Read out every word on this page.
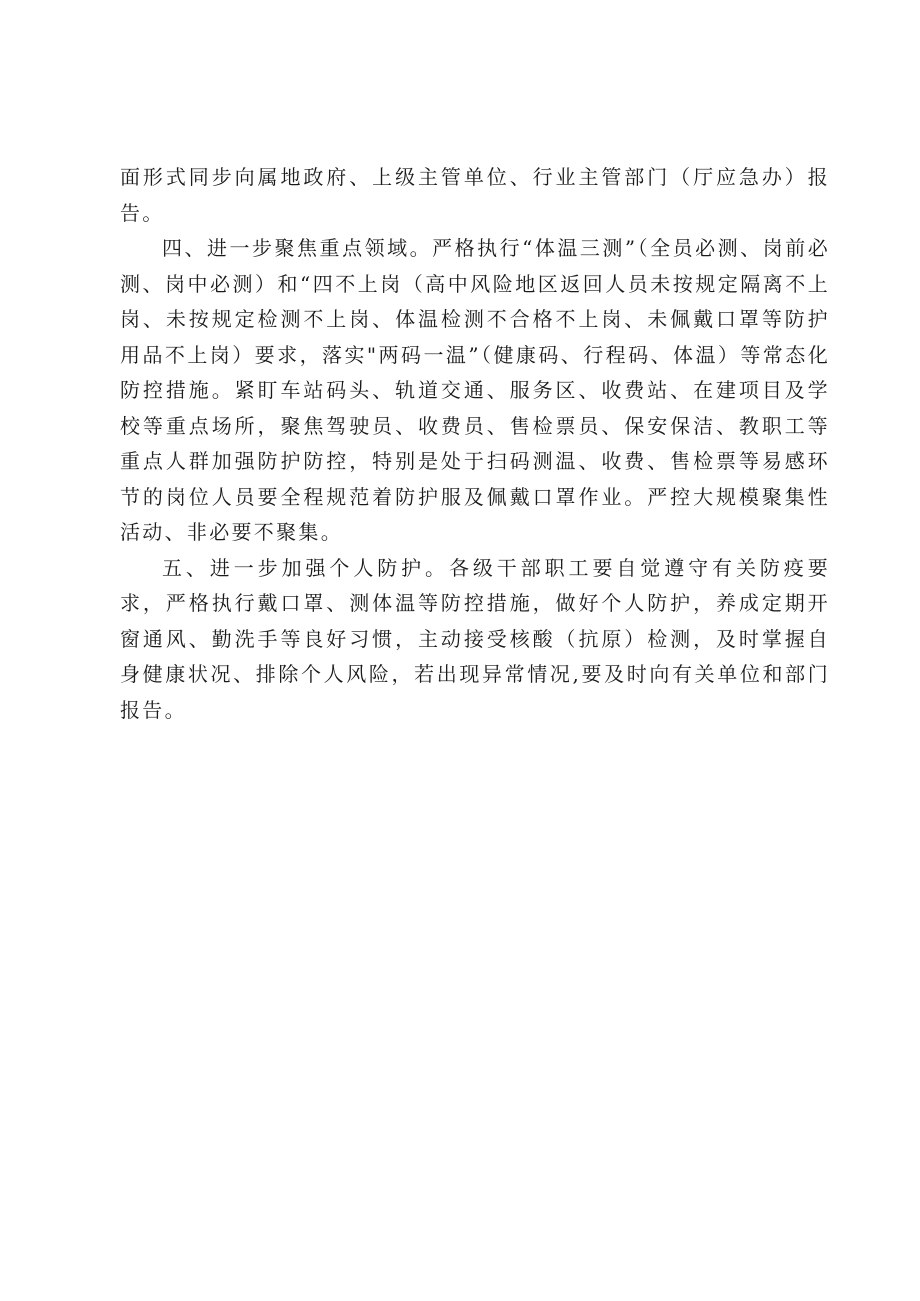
面形式同步向属地政府、上级主管单位、行业主管部门（厅应急办）报告。

四、进一步聚焦重点领域。严格执行“体温三测”（全员必测、岗前必测、岗中必测）和“四不上岗（高中风险地区返回人员未按规定隔离不上岗、未按规定检测不上岗、体温检测不合格不上岗、未佩戴口罩等防护用品不上岗）要求，落实"两码一温”（健康码、行程码、体温）等常态化防控措施。紧盯车站码头、轨道交通、服务区、收费站、在建项目及学校等重点场所，聚焦驾驶员、收费员、售检票员、保安保洁、教职工等重点人群加强防护防控，特别是处于扫码测温、收费、售检票等易感环节的岗位人员要全程规范着防护服及佩戴口罩作业。严控大规模聚集性活动、非必要不聚集。

五、进一步加强个人防护。各级干部职工要自觉遵守有关防疫要求，严格执行戴口罩、测体温等防控措施，做好个人防护，养成定期开窗通风、勤洗手等良好习惯，主动接受核酸（抗原）检测，及时掌握自身健康状况、排除个人风险，若出现异常情况,要及时向有关单位和部门报告。
